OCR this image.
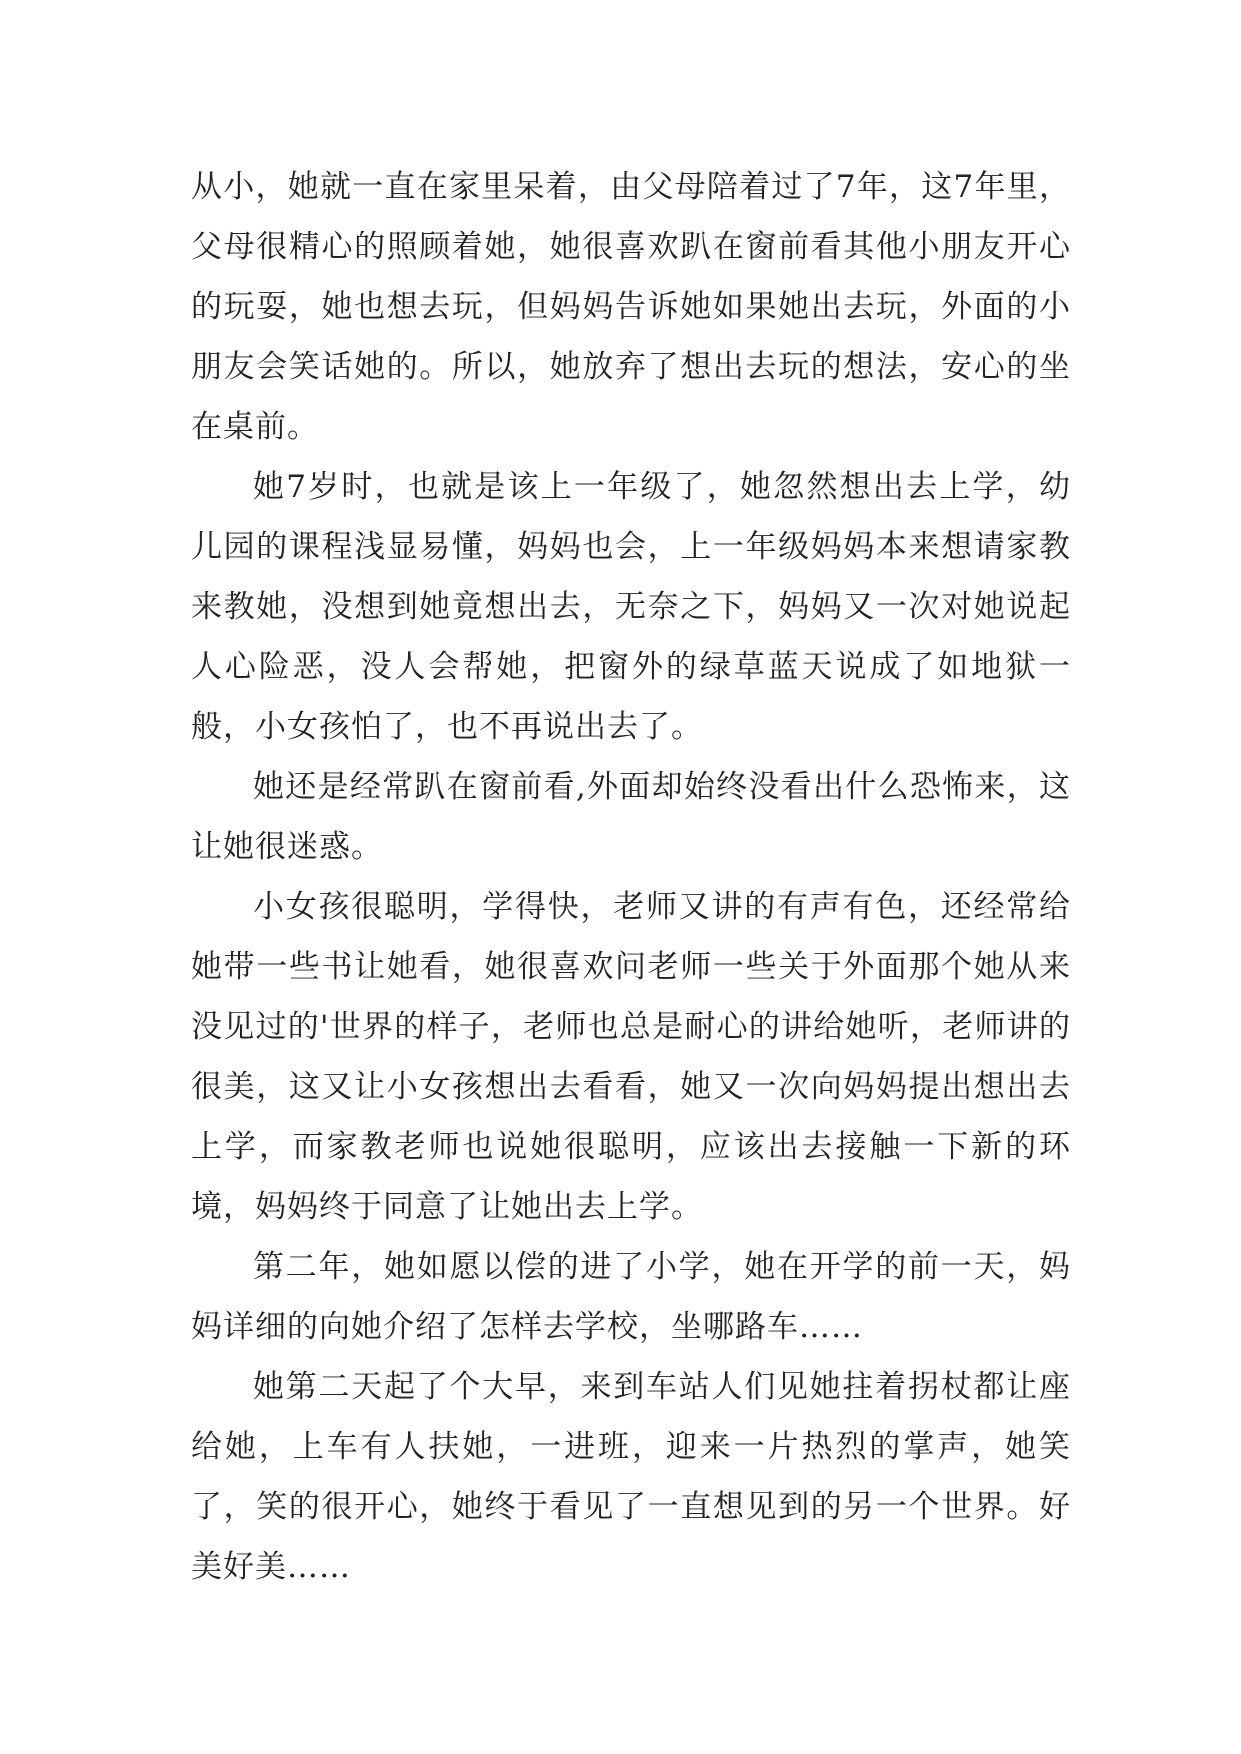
从小，她就一直在家里呆着，由父母陪着过了7年，这7年里，父母很精心的照顾着她，她很喜欢趴在窗前看其他小朋友开心的玩耍，她也想去玩，但妈妈告诉她如果她出去玩，外面的小朋友会笑话她的。所以，她放弃了想出去玩的想法，安心的坐在桌前。

她7岁时，也就是该上一年级了，她忽然想出去上学，幼儿园的课程浅显易懂，妈妈也会，上一年级妈妈本来想请家教来教她，没想到她竟想出去，无奈之下，妈妈又一次对她说起人心险恶，没人会帮她，把窗外的绿草蓝天说成了如地狱一般，小女孩怕了，也不再说出去了。

她还是经常趴在窗前看,外面却始终没看出什么恐怖来，这让她很迷惑。

小女孩很聪明，学得快，老师又讲的有声有色，还经常给她带一些书让她看，她很喜欢问老师一些关于外面那个她从来没见过的'世界的样子，老师也总是耐心的讲给她听，老师讲的很美，这又让小女孩想出去看看，她又一次向妈妈提出想出去上学，而家教老师也说她很聪明，应该出去接触一下新的环境，妈妈终于同意了让她出去上学。

第二年，她如愿以偿的进了小学，她在开学的前一天，妈妈详细的向她介绍了怎样去学校，坐哪路车……

她第二天起了个大早，来到车站人们见她拄着拐杖都让座给她，上车有人扶她，一进班，迎来一片热烈的掌声，她笑了，笑的很开心，她终于看见了一直想见到的另一个世界。好美好美……
